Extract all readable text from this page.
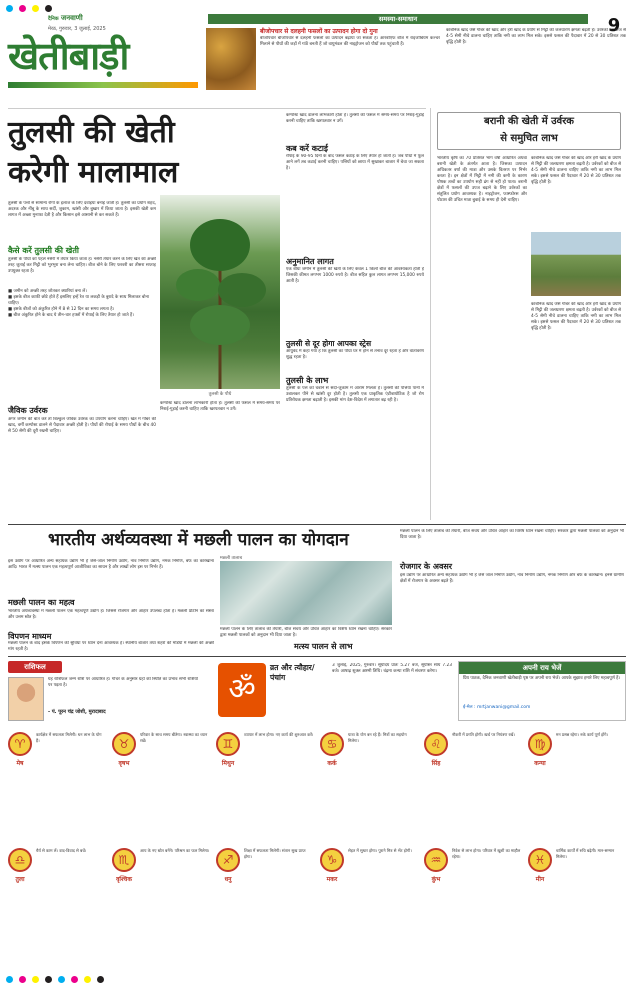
खेतीबाड़ी
दैनिक जनवाणी
मेरठ, गुरुवार, 3 जुलाई, 2025
समस्या-समाधान	9
बीजोपचार से दलहनी फसलों का उत्पादन होगा दो गुना
बीजोपचार बीजोपचार से दलहनी फसलों का उत्पादन बढ़ाया जा सकता है। आरबीएफ बीज में राइजोबियम कल्चर मिलाने से पौधों की जड़ों में गांठें बनती हैं जो वायुमंडल की नाइट्रोजन को पौधों तक पहुंचाती हैं।
कार्बनिक खाद जैसे गोबर की खाद और हरी खाद के प्रयोग से मिट्टी की जलधारण क्षमता बढ़ती है। उर्वरकों को बीज से 4-5 सेमी नीचे डालना चाहिए ताकि नमी का लाभ मिल सके। इससे फसल की पैदावार में 20 से 30 प्रतिशत तक वृद्धि होती है।
तुलसी की खेती
करेगी मालामाल
तुलसी के पौधे
तुलसी के पत्तों से सामान्य रोगों के इलाज के लिए दवाइयां बनाई जाती हैं। तुलसी का प्रयोग शहद, अदरक और नींबू के साथ सर्दी, जुकाम, खांसी और बुखार में किया जाता है। इसकी खेती कम लागत में अच्छा मुनाफा देती है और किसान इसे आसानी से कर सकते हैं।
कैसे करें तुलसी की खेती
तुलसी के पौधों को पहले नर्सरी में तैयार किया जाता है। नर्सरी तैयार करने के लिए खेत की अच्छी तरह जुताई कर मिट्टी को भुरभुरा बना लेना चाहिए। बीज बोने के लिए फरवरी का तीसरा सप्ताह उपयुक्त रहता है।
■ जमीन को अच्छी तरह जोतकर क्यारियां बना लें।
■ इसके बीज काफी छोटे होते हैं इसलिए इन्हें रेत या लकड़ी के बुरादे के साथ मिलाकर बोना चाहिए।
■ इसके बीजों को अंकुरित होने में 8 से 12 दिन का समय लगता है।
■ बीज अंकुरित होने के बाद ये तीन-चार हफ्तों में रोपाई के लिए तैयार हो जाते हैं।
जैविक उर्वरक
अगर जमीन की बात करें तो बिल्कुल जैविक उर्वरक का उपयोग करना चाहिए। खेत में गोबर की खाद, वर्मी कम्पोस्ट डालने से पैदावार अच्छी होती है। पौधों की रोपाई के समय पौधों के बीच 40 से 50 सेमी की दूरी रखनी चाहिए।
कम्पोस्ट खाद डालना लाभकारी होता है। तुलसी की फसल में समय-समय पर निराई-गुड़ाई करनी चाहिए ताकि खरपतवार न उगें।
कम्पोस्ट खाद डालना लाभकारी होता है। तुलसी की फसल में समय-समय पर निराई-गुड़ाई करनी चाहिए ताकि खरपतवार न उगें।
कब करें कटाई
रोपाई के 90-95 दिनों के बाद फसल कटाई के लिए तैयार हो जाती है। जब पौधों में फूल आने लगें तब कटाई करनी चाहिए। पत्तियों को छाया में सुखाकर बाजार में बेचा जा सकता है।
अनुमानित लागत
एक बीघा जमीन में तुलसी की खेती के लिए केवल 1 किलो बीज की आवश्यकता होती है जिसकी कीमत लगभग 1000 रुपये है। बीज सहित कुल लागत लगभग 15,000 रुपये आती है।
तुलसी से दूर होगा आपका स्ट्रेस
आयुर्वेद में कहा गया है कि तुलसी का पौधा घर में होने से तनाव दूर रहता है और वातावरण शुद्ध रहता है।
तुलसी के लाभ
तुलसी के पत्ते को चबाने से सर्दी-जुकाम में आराम मिलता है। तुलसी की पत्तियां पानी में उबालकर पीने से खांसी दूर होती है। तुलसी एक प्राकृतिक एंटीबायोटिक है जो रोग प्रतिरोधक क्षमता बढ़ाती है। इसकी मांग देश-विदेश में लगातार बढ़ रही है।
बरानी की खेती में उर्वरक
से समुचित लाभ
भारतीय कृषि का 70 प्रतिशत भाग वर्षा आधारित अथवा बरानी खेती के अंतर्गत आता है। जिसका उत्पादन अधिकतर वर्षा की मात्रा और उसके वितरण पर निर्भर करता है। इन क्षेत्रों में मिट्टी में नमी की कमी के कारण पोषक तत्वों का उपयोग सही ढंग से नहीं हो पाता। बरानी क्षेत्रों में फसलों की उपज बढ़ाने के लिए उर्वरकों का संतुलित प्रयोग आवश्यक है। नाइट्रोजन, फास्फोरस और पोटाश की उचित मात्रा बुवाई के समय ही देनी चाहिए।
कार्बनिक खाद जैसे गोबर की खाद और हरी खाद के प्रयोग से मिट्टी की जलधारण क्षमता बढ़ती है। उर्वरकों को बीज से 4-5 सेमी नीचे डालना चाहिए ताकि नमी का लाभ मिल सके। इससे फसल की पैदावार में 20 से 30 प्रतिशत तक वृद्धि होती है।
कार्बनिक खाद जैसे गोबर की खाद और हरी खाद के प्रयोग से मिट्टी की जलधारण क्षमता बढ़ती है। उर्वरकों को बीज से 4-5 सेमी नीचे डालना चाहिए ताकि नमी का लाभ मिल सके। इससे फसल की पैदावार में 20 से 30 प्रतिशत तक वृद्धि होती है।
भारतीय अर्थव्यवस्था में मछली पालन का योगदान
इस उद्योग पर आधारित अन्य सहायक उद्योग भी हैं जैसे-जाल निर्माण उद्योग, नाव निर्माण उद्योग, नमक निर्माण, बर्फ का कारखाना आदि। भारत में मत्स्य पालन एक महत्वपूर्ण आजीविका का साधन है और लाखों लोग इस पर निर्भर हैं।
मछली पालन का महत्व
भारतीय अर्थव्यवस्था में मछली पालन एक महत्वपूर्ण उद्योग है। जिससे रोजगार और आहार उपलब्ध होता है। मछली प्रोटीन का सस्ता और उत्तम स्रोत है।
विपणन माध्यम
मछली पालन के बाद इसके विपणन की सुविधा पर ध्यान देना आवश्यक है। स्थानीय बाजार तथा शहरों की मंडियों में मछली की अच्छी मांग रहती है।
मछली तालाब
मछली पालन के लिए तालाब की तैयारी, बीज संचय और उचित आहार का विशेष ध्यान रखना चाहिए। सरकार द्वारा मछली पालकों को अनुदान भी दिया जाता है।
मत्स्य पालन से लाभ
मछली पालन के लिए तालाब की तैयारी, बीज संचय और उचित आहार का विशेष ध्यान रखना चाहिए। सरकार द्वारा मछली पालकों को अनुदान भी दिया जाता है।
रोजगार के अवसर
इस उद्योग पर आधारित अन्य सहायक उद्योग भी हैं जैसे जाल निर्माण उद्योग, नाव निर्माण उद्योग, नमक निर्माण और बर्फ के कारखाने। इनसे ग्रामीण क्षेत्रों में रोजगार के अवसर बढ़ते हैं।
राशिफल
यह राशिफल जन्म राशि पर आधारित है। गोचर के अनुसार ग्रहों की स्थिति का प्रभाव सभी राशियों पर पड़ता है।
- पं. पूरन चंद्र जोशी, मुरादाबाद
ॐ
व्रत और त्यौहार/पंचांग
3 जुलाई, 2025, गुरुवार। सूर्योदय प्रातः 5.27 बजे, सूर्यास्त सायं 7.23 बजे। आषाढ़ शुक्ल अष्टमी तिथि। चंद्रमा कन्या राशि में संचरण करेगा।	अपनी राय भेजें
प्रिय पाठक, दैनिक जनवाणी खेतीबाड़ी पृष्ठ पर अपनी राय भेजें। आपके सुझाव हमारे लिए महत्वपूर्ण हैं।
ई-मेल : mrtjanwani@gmail.com
♈
मेष
कार्यक्षेत्र में सफलता मिलेगी। धन लाभ के योग हैं।	♉
वृषभ
परिवार के साथ समय बीतेगा। स्वास्थ्य का ध्यान रखें।	♊
मिथुन
व्यापार में लाभ होगा। नए कार्य की शुरुआत करें।
♋
कर्क
यात्रा के योग बन रहे हैं। मित्रों का सहयोग मिलेगा।	♌
सिंह
नौकरी में प्रगति होगी। खर्च पर नियंत्रण रखें।
♍
कन्या
मन प्रसन्न रहेगा। रुके कार्य पूर्ण होंगे।
♎
तुला
धैर्य से काम लें। वाद-विवाद से बचें।
♏
वृश्चिक
आय के नए स्रोत बनेंगे। परिश्रम का फल मिलेगा।
♐
धनु
शिक्षा में सफलता मिलेगी। संतान सुख प्राप्त होगा।	♑
मकर
सेहत में सुधार होगा। पुराने मित्र से भेंट होगी।
♒
कुंभ
निवेश से लाभ होगा। परिवार में खुशी का माहौल रहेगा।	♓
मीन
धार्मिक कार्यों में रुचि बढ़ेगी। मान-सम्मान मिलेगा।
